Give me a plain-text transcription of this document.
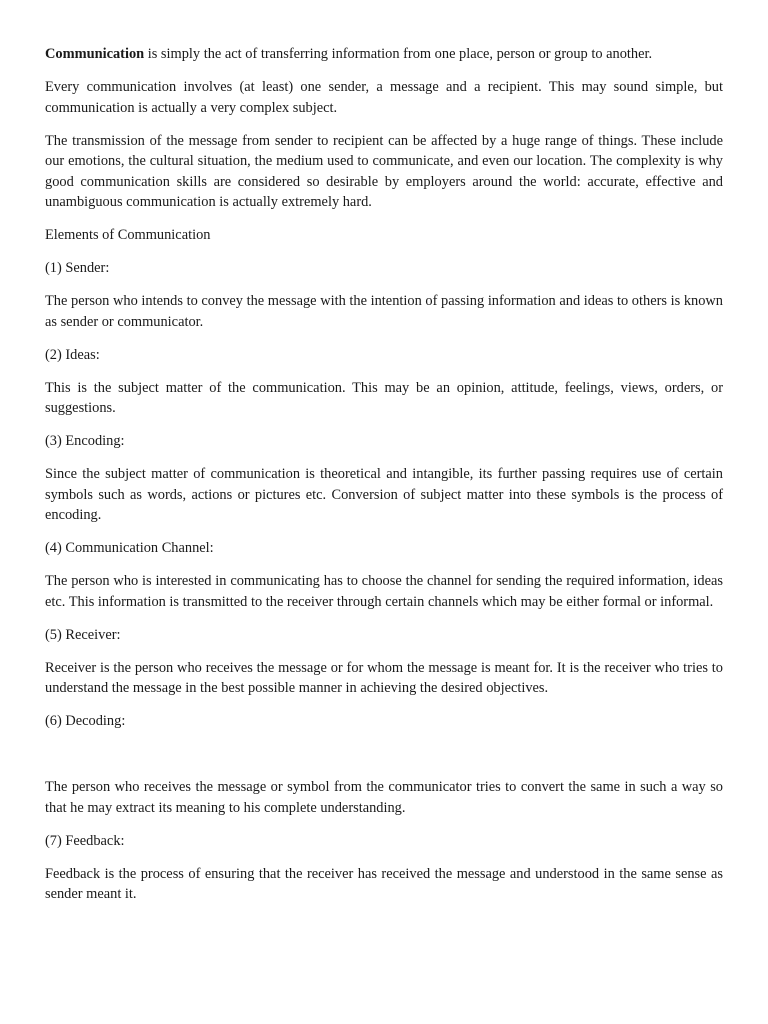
Communication is simply the act of transferring information from one place, person or group to another.

Every communication involves (at least) one sender, a message and a recipient. This may sound simple, but communication is actually a very complex subject.

The transmission of the message from sender to recipient can be affected by a huge range of things. These include our emotions, the cultural situation, the medium used to communicate, and even our location. The complexity is why good communication skills are considered so desirable by employers around the world: accurate, effective and unambiguous communication is actually extremely hard.

Elements of Communication

(1) Sender:

The person who intends to convey the message with the intention of passing information and ideas to others is known as sender or communicator.

(2) Ideas:

This is the subject matter of the communication. This may be an opinion, attitude, feelings, views, orders, or suggestions.

(3) Encoding:

Since the subject matter of communication is theoretical and intangible, its further passing requires use of certain symbols such as words, actions or pictures etc. Conversion of subject matter into these symbols is the process of encoding.

(4) Communication Channel:

The person who is interested in communicating has to choose the channel for sending the required information, ideas etc. This information is transmitted to the receiver through certain channels which may be either formal or informal.

(5) Receiver:

Receiver is the person who receives the message or for whom the message is meant for. It is the receiver who tries to understand the message in the best possible manner in achieving the desired objectives.

(6) Decoding:

The person who receives the message or symbol from the communicator tries to convert the same in such a way so that he may extract its meaning to his complete understanding.

(7) Feedback:

Feedback is the process of ensuring that the receiver has received the message and understood in the same sense as sender meant it.
